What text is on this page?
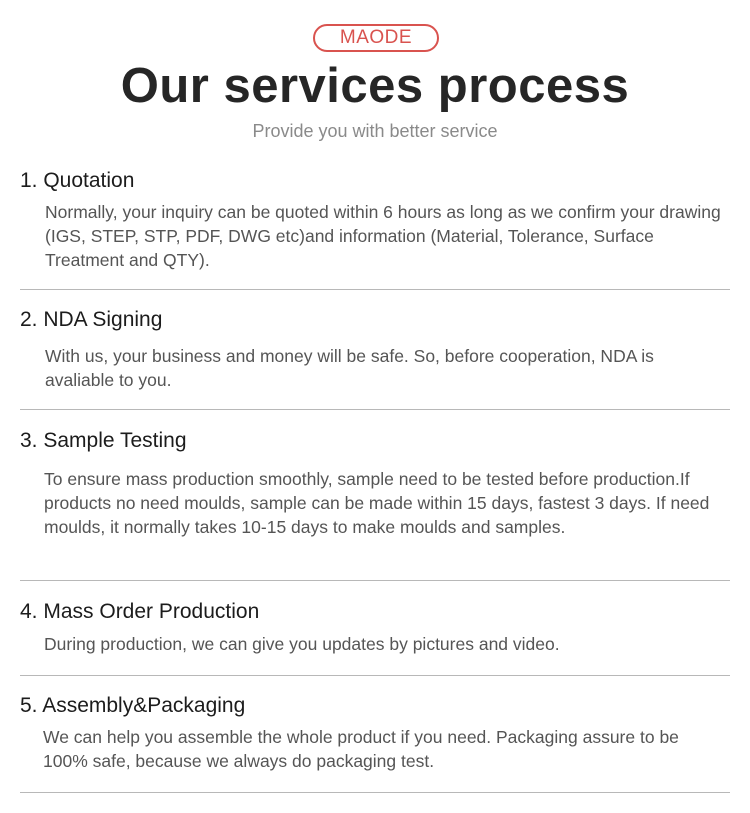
MAODE
Our services process
Provide you with better service
1. Quotation
Normally, your inquiry can be quoted within 6 hours as long as we confirm your drawing (IGS, STEP, STP, PDF, DWG etc)and information (Material, Tolerance, Surface Treatment and QTY).
2. NDA Signing
With us, your business and money will be safe. So, before cooperation, NDA is avaliable to you.
3. Sample Testing
To ensure mass production smoothly, sample need to be tested before production.If products no need moulds, sample can be made within 15 days, fastest 3 days. If need moulds, it normally takes 10-15 days to make moulds and samples.
4. Mass Order Production
During production, we can give you updates by pictures and video.
5. Assembly&Packaging
We can help you assemble the whole product if you need. Packaging assure to be 100% safe, because we always do packaging test.
